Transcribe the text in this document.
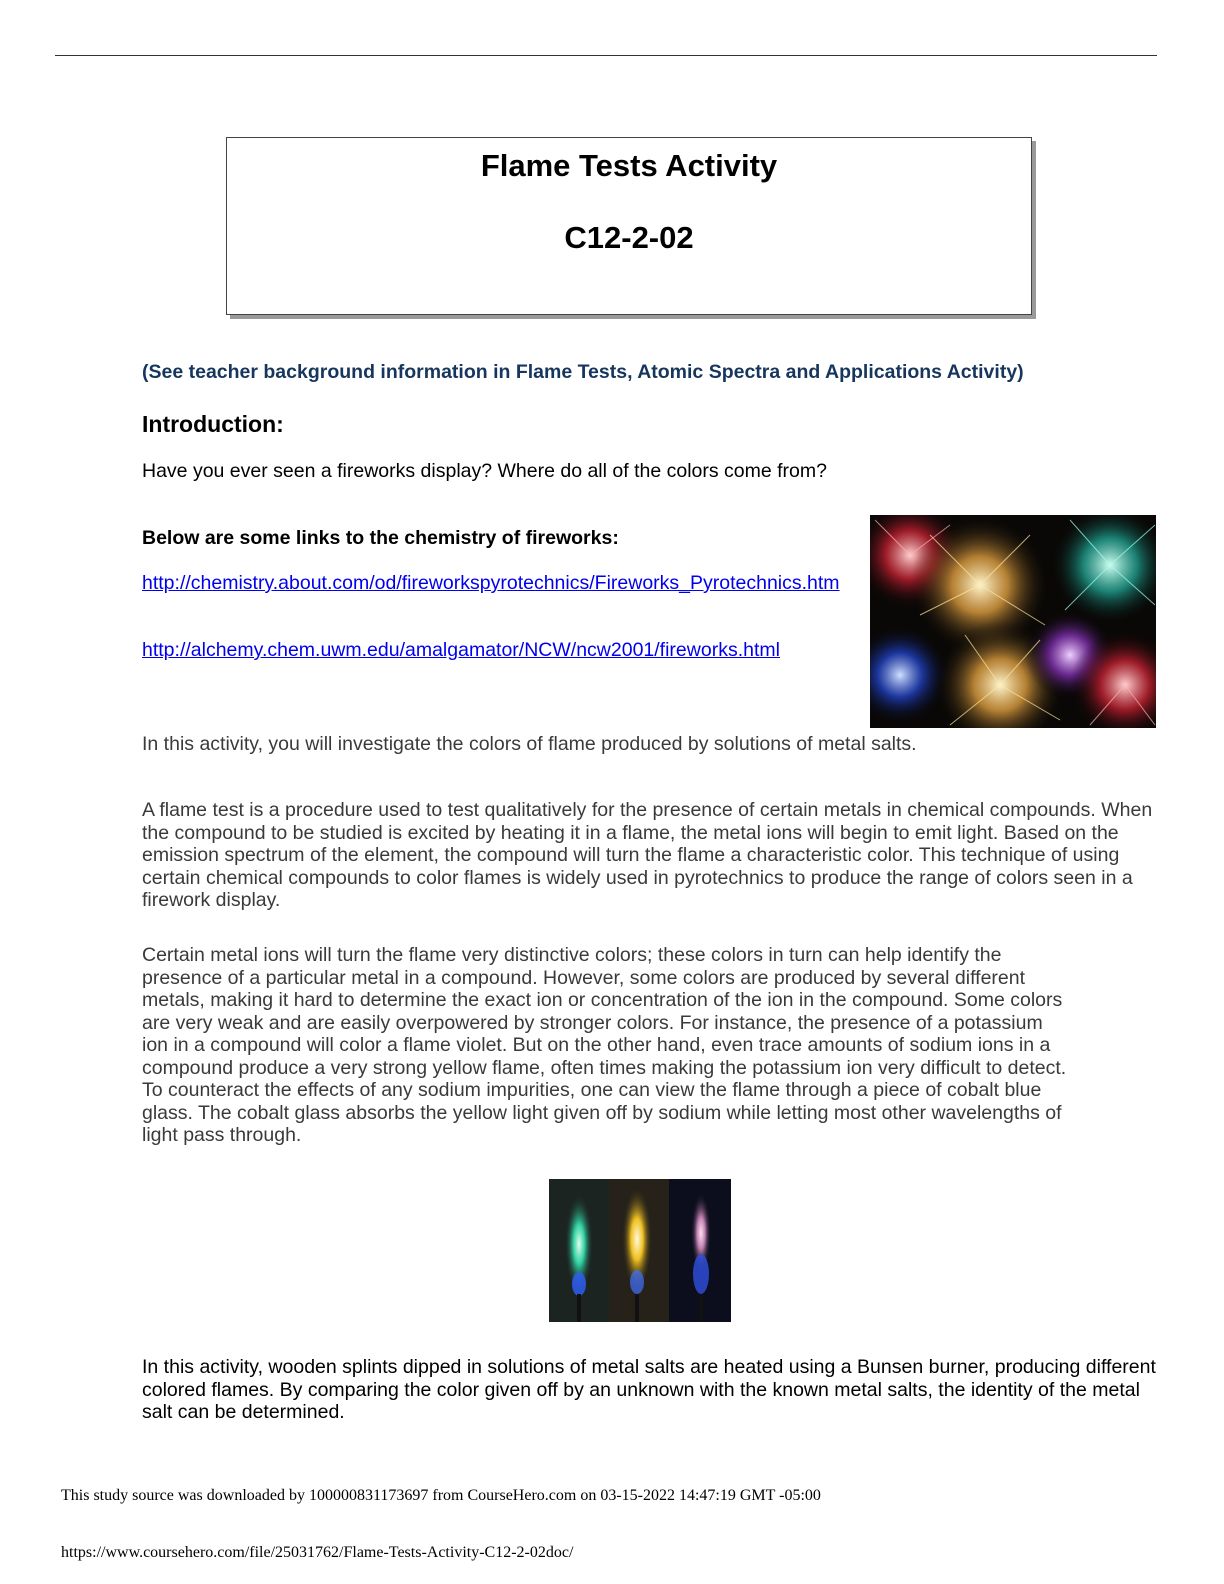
Flame Tests Activity
C12-2-02
(See teacher background information in Flame Tests, Atomic Spectra and Applications Activity)
Introduction:
Have you ever seen a fireworks display? Where do all of the colors come from?
Below are some links to the chemistry of fireworks:
http://chemistry.about.com/od/fireworkspyrotechnics/Fireworks_Pyrotechnics.htm
http://alchemy.chem.uwm.edu/amalgamator/NCW/ncw2001/fireworks.html
In this activity, you will investigate the colors of flame produced by solutions of metal salts.
A flame test is a procedure used to test qualitatively for the presence of certain metals in chemical compounds. When the compound to be studied is excited by heating it in a flame, the metal ions will begin to emit light. Based on the emission spectrum of the element, the compound will turn the flame a characteristic color. This technique of using certain chemical compounds to color flames is widely used in pyrotechnics to produce the range of colors seen in a firework display.
Certain metal ions will turn the flame very distinctive colors; these colors in turn can help identify the presence of a particular metal in a compound. However, some colors are produced by several different metals, making it hard to determine the exact ion or concentration of the ion in the compound. Some colors are very weak and are easily overpowered by stronger colors. For instance, the presence of a potassium ion in a compound will color a flame violet. But on the other hand, even trace amounts of sodium ions in a compound produce a very strong yellow flame, often times making the potassium ion very difficult to detect. To counteract the effects of any sodium impurities, one can view the flame through a piece of cobalt blue glass. The cobalt glass absorbs the yellow light given off by sodium while letting most other wavelengths of light pass through.
In this activity, wooden splints dipped in solutions of metal salts are heated using a Bunsen burner, producing different colored flames. By comparing the color given off by an unknown with the known metal salts, the identity of the metal salt can be determined.
This study source was downloaded by 100000831173697 from CourseHero.com on 03-15-2022 14:47:19 GMT -05:00
https://www.coursehero.com/file/25031762/Flame-Tests-Activity-C12-2-02doc/
